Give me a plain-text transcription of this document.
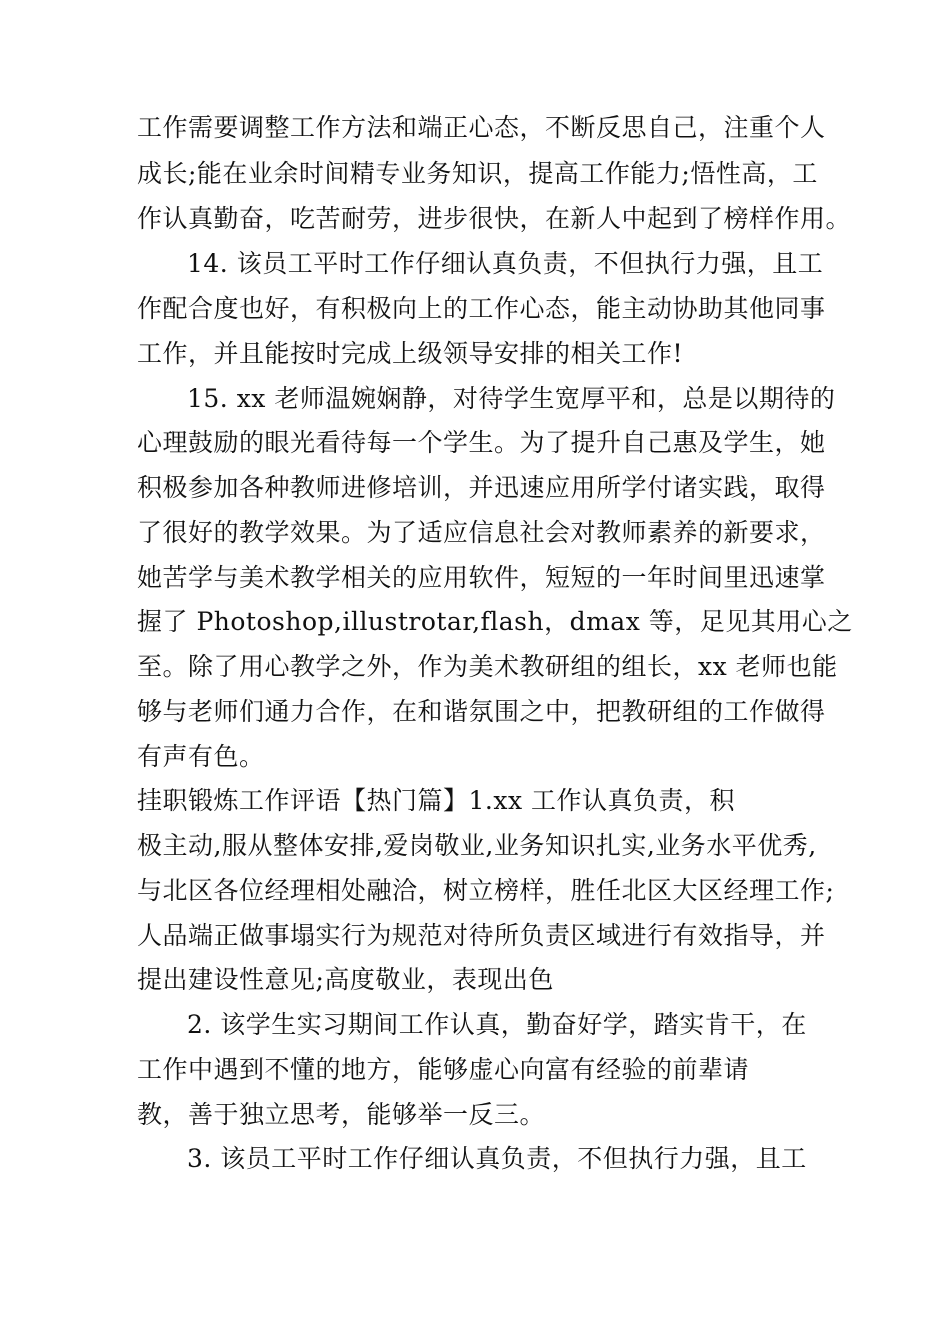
工作需要调整工作方法和端正心态，不断反思自己，注重个人
成长;能在业余时间精专业务知识，提高工作能力;悟性高，工
作认真勤奋，吃苦耐劳，进步很快，在新人中起到了榜样作用。
14. 该员工平时工作仔细认真负责，不但执行力强，且工
作配合度也好，有积极向上的工作心态，能主动协助其他同事
工作，并且能按时完成上级领导安排的相关工作!
15. xx 老师温婉娴静，对待学生宽厚平和，总是以期待的
心理鼓励的眼光看待每一个学生。为了提升自己惠及学生，她
积极参加各种教师进修培训，并迅速应用所学付诸实践，取得
了很好的教学效果。为了适应信息社会对教师素养的新要求，
她苦学与美术教学相关的应用软件，短短的一年时间里迅速掌
握了 Photoshop,illustrotar,flash，dmax 等，足见其用心之
至。除了用心教学之外，作为美术教研组的组长，xx 老师也能
够与老师们通力合作，在和谐氛围之中，把教研组的工作做得
有声有色。
挂职锻炼工作评语【热门篇】1.xx 工作认真负责，积
极主动,服从整体安排,爱岗敬业,业务知识扎实,业务水平优秀,
与北区各位经理相处融洽，树立榜样，胜任北区大区经理工作;
人品端正做事塌实行为规范对待所负责区域进行有效指导，并
提出建设性意见;高度敬业，表现出色
2. 该学生实习期间工作认真，勤奋好学，踏实肯干，在
工作中遇到不懂的地方，能够虚心向富有经验的前辈请
教，善于独立思考，能够举一反三。
3. 该员工平时工作仔细认真负责，不但执行力强，且工
